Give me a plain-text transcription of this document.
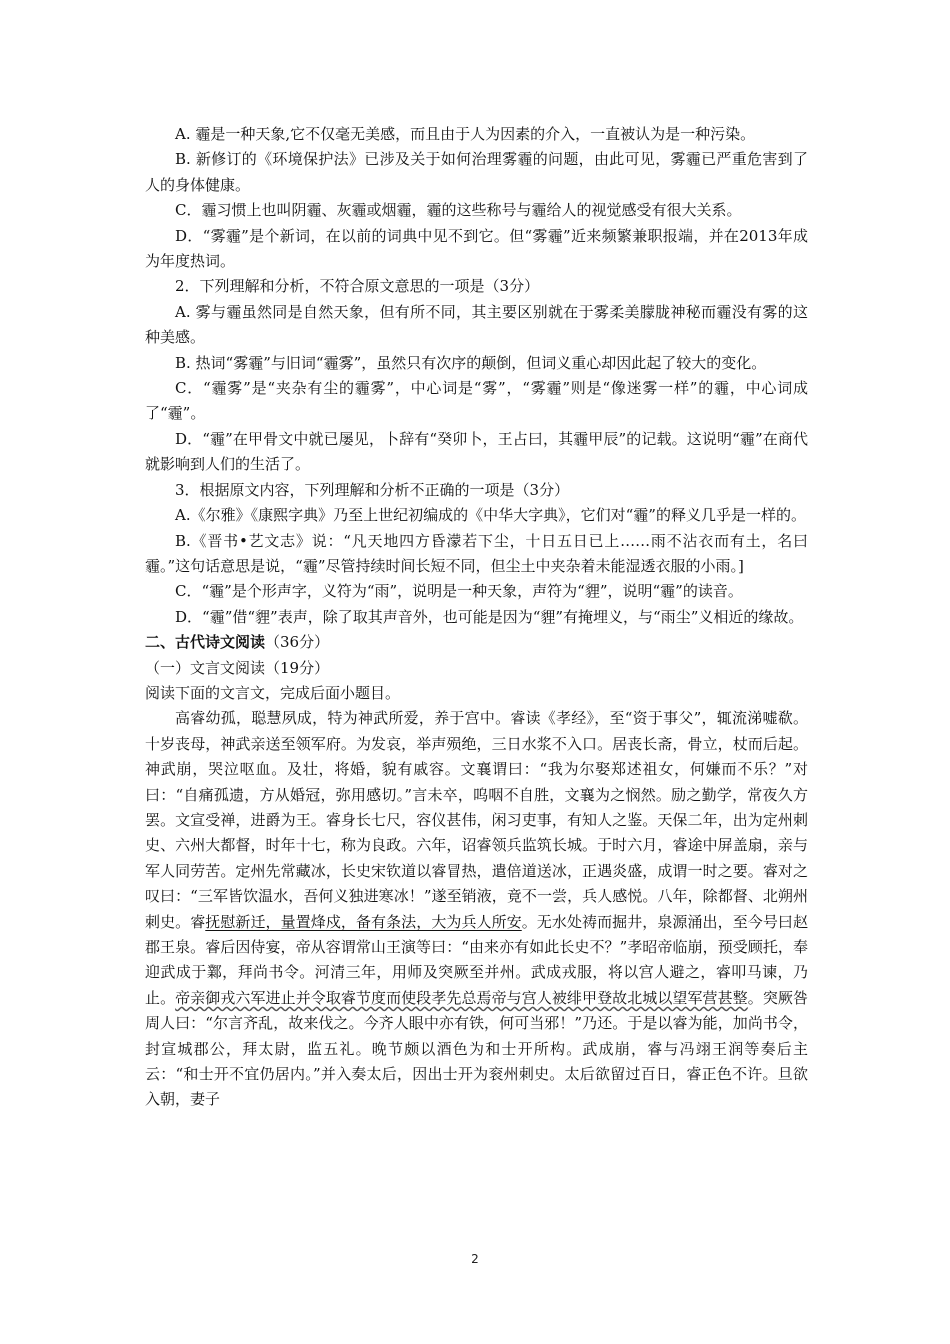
A. 霾是一种天象,它不仅毫无美感，而且由于人为因素的介入，一直被认为是一种污染。

B. 新修订的《环境保护法》已涉及关于如何治理雾霾的问题，由此可见，雾霾已严重危害到了人的身体健康。

C．霾习惯上也叫阴霾、灰霾或烟霾，霾的这些称号与霾给人的视觉感受有很大关系。

D．“雾霾”是个新词，在以前的词典中见不到它。但“雾霾”近来频繁兼职报端，并在2013年成为年度热词。

2．下列理解和分析，不符合原文意思的一项是（3分）

A. 雾与霾虽然同是自然天象，但有所不同，其主要区别就在于雾柔美朦胧神秘而霾没有雾的这种美感。

B. 热词“雾霾”与旧词“霾雾”，虽然只有次序的颠倒，但词义重心却因此起了较大的变化。

C．“霾雾”是“夹杂有尘的霾雾”，中心词是“雾”，“雾霾”则是“像迷雾一样”的霾，中心词成了“霾”。

D．“霾”在甲骨文中就已屡见，卜辞有“癸卯卜，王占曰，其霾甲辰”的记载。这说明“霾”在商代就影响到人们的生活了。

3．根据原文内容，下列理解和分析不正确的一项是（3分）

A.《尔雅》《康熙字典》乃至上世纪初编成的《中华大字典》，它们对“霾”的释义几乎是一样的。

B.《晋书•艺文志》说：“凡天地四方昏濛若下尘，十日五日已上……雨不沾衣而有土，名曰霾。”这句话意思是说，“霾”尽管持续时间长短不同，但尘土中夹杂着未能湿透衣服的小雨。]

C．“霾”是个形声字，义符为“雨”，说明是一种天象，声符为“貍”，说明“霾”的读音。

D．“霾”借“貍”表声，除了取其声音外，也可能是因为“貍”有掩埋义，与“雨尘”义相近的缘故。

二、古代诗文阅读（36分）

（一）文言文阅读（19分）

阅读下面的文言文，完成后面小题目。

高睿幼孤，聪慧夙成，特为神武所爱，养于宫中。睿读《孝经》，至“资于事父”，辄流涕嘘欷。十岁丧母，神武亲送至领军府。为发哀，举声殒绝，三日水浆不入口。居丧长斋，骨立，杖而后起。神武崩，哭泣呕血。及壮，将婚，貌有戚容。文襄谓曰：“我为尔娶郑述祖女，何嫌而不乐？”对曰：“自痛孤遗，方从婚冠，弥用感切。”言未卒，呜咽不自胜，文襄为之悯然。励之勤学，常夜久方罢。文宣受禅，进爵为王。睿身长七尺，容仪甚伟，闲习吏事，有知人之鉴。天保二年，出为定州刺史、六州大都督，时年十七，称为良政。六年，诏睿领兵监筑长城。于时六月，睿途中屏盖扇，亲与军人同劳苦。定州先常藏冰，长史宋钦道以睿冒热，遣倍道送冰，正遇炎盛，成谓一时之要。睿对之叹曰：“三军皆饮温水，吾何义独进寒冰！”遂至销液，竟不一尝，兵人感悦。八年，除都督、北朔州刺史。睿抚慰新迁，量置烽戍，备有条法，大为兵人所安。无水处祷而掘井，泉源涌出，至今号曰赵郡王泉。睿后因侍宴，帝从容谓常山王演等曰：“由来亦有如此长史不？”孝昭帝临崩，预受顾托，奉迎武成于鄴，拜尚书令。河清三年，用师及突厥至并州。武成戎服，将以宫人避之，睿叩马谏，乃止。帝亲御戎六军进止并令取睿节度而使段孝先总焉帝与宫人被绯甲登故北城以望军营甚整。突厥咎周人曰：“尔言齐乱，故来伐之。今齐人眼中亦有铁，何可当邪！”乃还。于是以睿为能，加尚书令，封宣城郡公，拜太尉，监五礼。晚节颇以酒色为和士开所构。武成崩，睿与冯翊王润等奏后主云：“和士开不宜仍居内。”并入奏太后，因出士开为衮州刺史。太后欲留过百日，睿正色不许。旦欲入朝，妻子

2
